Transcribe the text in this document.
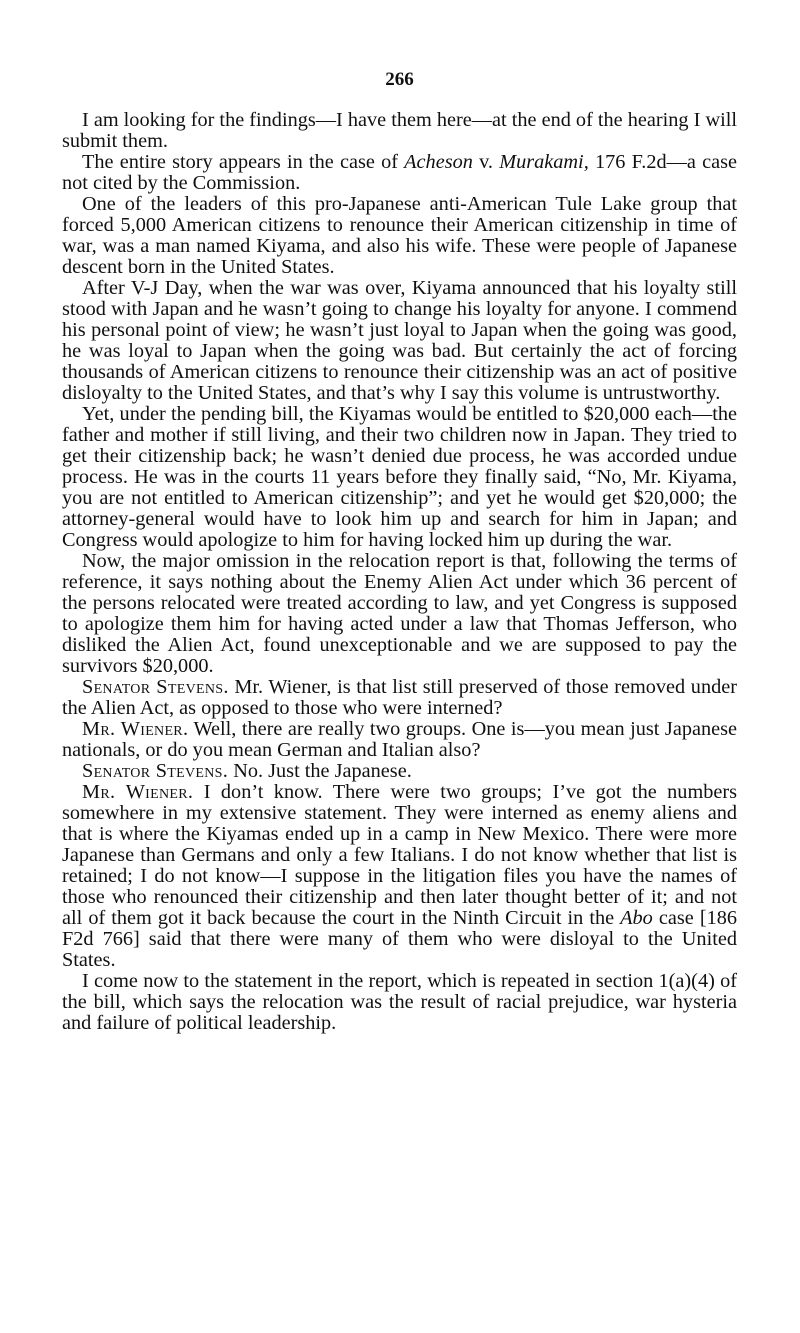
266

I am looking for the findings—I have them here—at the end of the hearing I will submit them.

The entire story appears in the case of Acheson v. Murakami, 176 F.2d—a case not cited by the Commission.

One of the leaders of this pro-Japanese anti-American Tule Lake group that forced 5,000 American citizens to renounce their American citizenship in time of war, was a man named Kiyama, and also his wife. These were people of Japanese descent born in the United States.

After V-J Day, when the war was over, Kiyama announced that his loyalty still stood with Japan and he wasn’t going to change his loyalty for anyone. I commend his personal point of view; he wasn’t just loyal to Japan when the going was good, he was loyal to Japan when the going was bad. But certainly the act of forcing thousands of American citizens to renounce their citizenship was an act of positive disloyalty to the United States, and that’s why I say this volume is untrustworthy.

Yet, under the pending bill, the Kiyamas would be entitled to $20,000 each—the father and mother if still living, and their two children now in Japan. They tried to get their citizenship back; he wasn’t denied due process, he was accorded undue process. He was in the courts 11 years before they finally said, “No, Mr. Kiyama, you are not entitled to American citizenship”; and yet he would get $20,000; the attorney-general would have to look him up and search for him in Japan; and Congress would apologize to him for having locked him up during the war.

Now, the major omission in the relocation report is that, following the terms of reference, it says nothing about the Enemy Alien Act under which 36 percent of the persons relocated were treated according to law, and yet Congress is supposed to apologize them him for having acted under a law that Thomas Jefferson, who disliked the Alien Act, found unexceptionable and we are supposed to pay the survivors $20,000.

Senator Stevens. Mr. Wiener, is that list still preserved of those removed under the Alien Act, as opposed to those who were interned?

Mr. Wiener. Well, there are really two groups. One is—you mean just Japanese nationals, or do you mean German and Italian also?

Senator Stevens. No. Just the Japanese.

Mr. Wiener. I don’t know. There were two groups; I’ve got the numbers somewhere in my extensive statement. They were interned as enemy aliens and that is where the Kiyamas ended up in a camp in New Mexico. There were more Japanese than Germans and only a few Italians. I do not know whether that list is retained; I do not know—I suppose in the litigation files you have the names of those who renounced their citizenship and then later thought better of it; and not all of them got it back because the court in the Ninth Circuit in the Abo case [186 F2d 766] said that there were many of them who were disloyal to the United States.

I come now to the statement in the report, which is repeated in section 1(a)(4) of the bill, which says the relocation was the result of racial prejudice, war hysteria and failure of political leadership.
